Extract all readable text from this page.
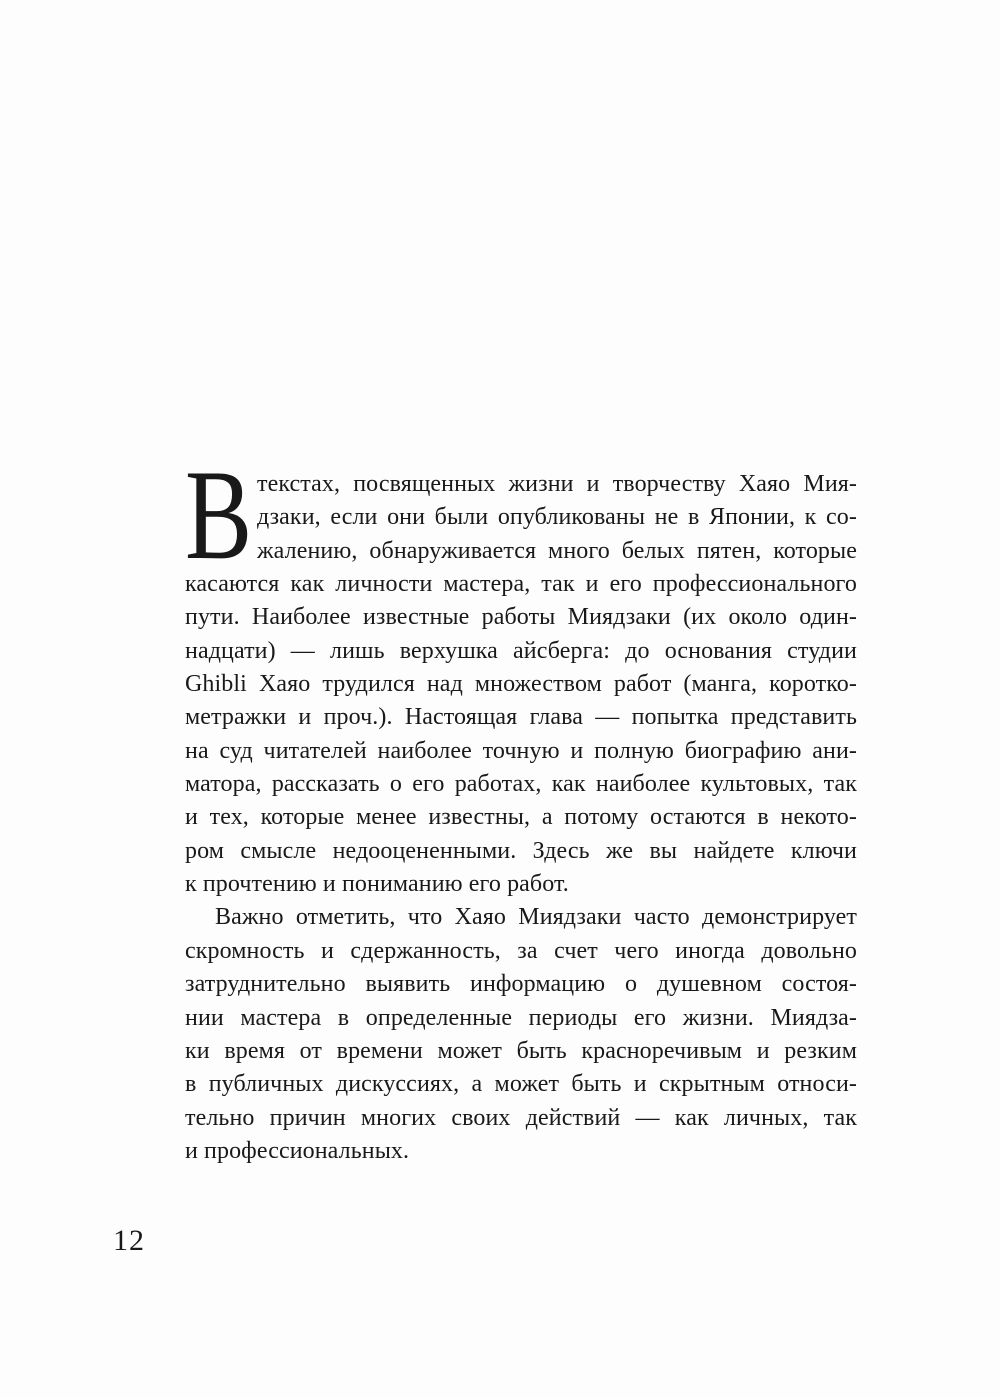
В текстах, посвященных жизни и творчеству Хаяо Мия-
дзаки, если они были опубликованы не в Японии, к со-
жалению, обнаруживается много белых пятен, которые
касаются как личности мастера, так и его профессионального
пути. Наиболее известные работы Миядзаки (их около один-
надцати) — лишь верхушка айсберга: до основания студии
Ghibli Хаяо трудился над множеством работ (манга, коротко-
метражки и проч.). Настоящая глава — попытка представить
на суд читателей наиболее точную и полную биографию ани-
матора, рассказать о его работах, как наиболее культовых, так
и тех, которые менее известны, а потому остаются в некото-
ром смысле недооцененными. Здесь же вы найдете ключи
к прочтению и пониманию его работ.
Важно отметить, что Хаяо Миядзаки часто демонстрирует
скромность и сдержанность, за счет чего иногда довольно
затруднительно выявить информацию о душевном состоя-
нии мастера в определенные периоды его жизни. Миядза-
ки время от времени может быть красноречивым и резким
в публичных дискуссиях, а может быть и скрытным относи-
тельно причин многих своих действий — как личных, так
и профессиональных.
12
